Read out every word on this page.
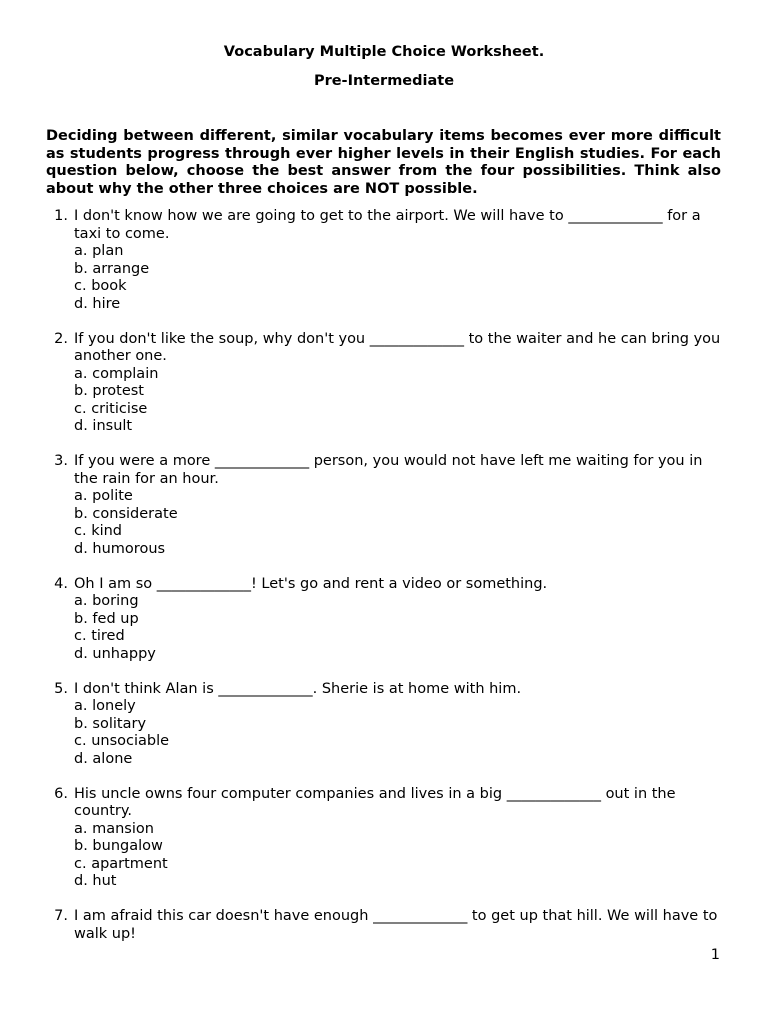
Vocabulary Multiple Choice Worksheet.
Pre-Intermediate

Deciding between different, similar vocabulary items becomes ever more difficult as students progress through ever higher levels in their English studies. For each question below, choose the best answer from the four possibilities. Think also about why the other three choices are NOT possible.

1. I don't know how we are going to get to the airport. We will have to _____________ for a taxi to come.
a. plan
b. arrange
c. book
d. hire
2. If you don't like the soup, why don't you _____________ to the waiter and he can bring you another one.
a. complain
b. protest
c. criticise
d. insult
3. If you were a more _____________ person, you would not have left me waiting for you in the rain for an hour.
a. polite
b. considerate
c. kind
d. humorous
4. Oh I am so _____________! Let's go and rent a video or something.
a. boring
b. fed up
c. tired
d. unhappy
5. I don't think Alan is _____________. Sherie is at home with him.
a. lonely
b. solitary
c. unsociable
d. alone
6. His uncle owns four computer companies and lives in a big _____________ out in the country.
a. mansion
b. bungalow
c. apartment
d. hut
7. I am afraid this car doesn't have enough _____________ to get up that hill. We will have to walk up!
1
